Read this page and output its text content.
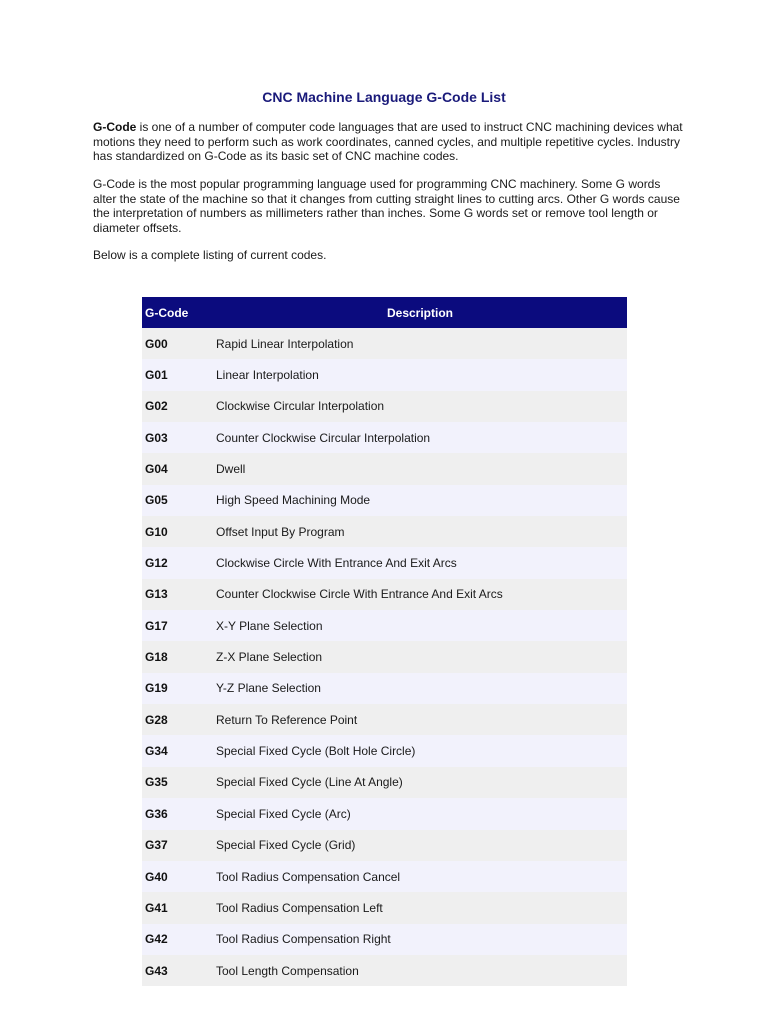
CNC Machine Language G-Code List

G-Code is one of a number of computer code languages that are used to instruct CNC machining devices what motions they need to perform such as work coordinates, canned cycles, and multiple repetitive cycles. Industry has standardized on G-Code as its basic set of CNC machine codes.

G-Code is the most popular programming language used for programming CNC machinery. Some G words alter the state of the machine so that it changes from cutting straight lines to cutting arcs. Other G words cause the interpretation of numbers as millimeters rather than inches. Some G words set or remove tool length or diameter offsets.

Below is a complete listing of current codes.

G-Code	Description
G00	Rapid Linear Interpolation
G01	Linear Interpolation
G02	Clockwise Circular Interpolation
G03	Counter Clockwise Circular Interpolation
G04	Dwell
G05	High Speed Machining Mode
G10	Offset Input By Program
G12	Clockwise Circle With Entrance And Exit Arcs
G13	Counter Clockwise Circle With Entrance And Exit Arcs
G17	X-Y Plane Selection
G18	Z-X Plane Selection
G19	Y-Z Plane Selection
G28	Return To Reference Point
G34	Special Fixed Cycle (Bolt Hole Circle)
G35	Special Fixed Cycle (Line At Angle)
G36	Special Fixed Cycle (Arc)
G37	Special Fixed Cycle (Grid)
G40	Tool Radius Compensation Cancel
G41	Tool Radius Compensation Left
G42	Tool Radius Compensation Right
G43	Tool Length Compensation
